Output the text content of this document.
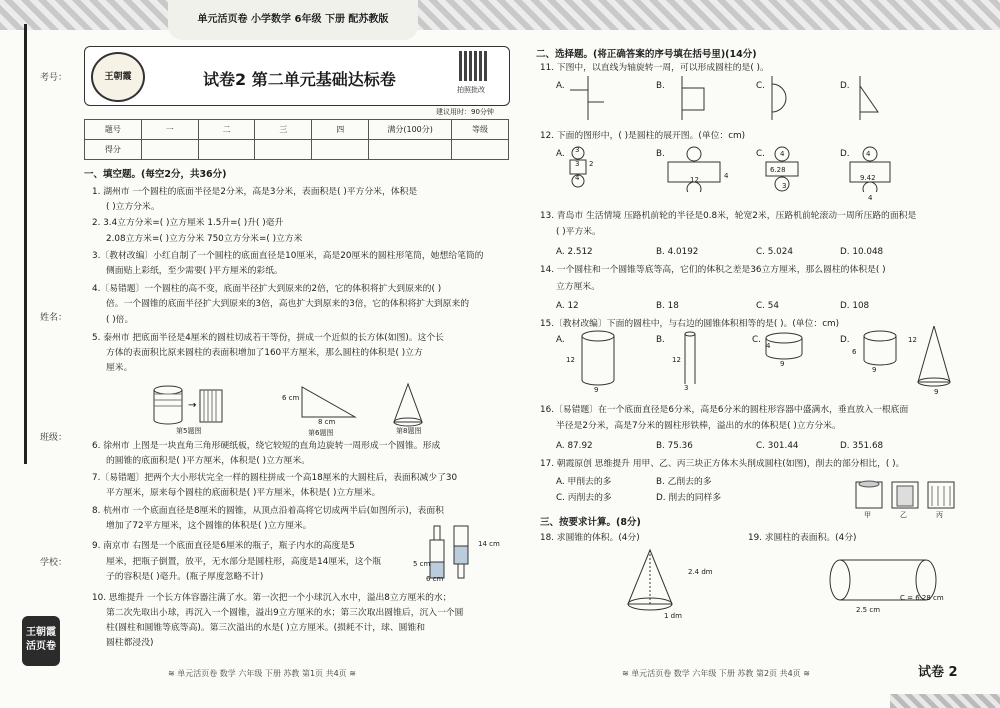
单元活页卷 小学数学 6年级 下册 配苏教版
考号：
姓名：
班级：
学校：
王朝霞
活页卷
王朝霞	试卷2 第二单元基础达标卷
拍照批改
建议用时：90分钟
题号	一	二	三	四	满分(100分)	等级
得分						
一、填空题。(每空2分，共36分)
1. 湖州市 一个圆柱的底面半径是2分米，高是3分米，表面积是( )平方分米，体积是
( )立方分米。
2. 3.4立方分米=( )立方厘米 1.5升=( )升( )毫升
2.08立方米=( )立方分米 750立方分米=( )立方米
3.〔教材改编〕小红自制了一个圆柱的底面直径是10厘米，高是20厘米的圆柱形笔筒，她想给笔筒的
侧面贴上彩纸，至少需要( )平方厘米的彩纸。
4.〔易错题〕一个圆柱的高不变，底面半径扩大到原来的2倍，它的体积将扩大到原来的( )
倍。一个圆锥的底面半径扩大到原来的3倍，高也扩大到原来的3倍，它的体积将扩大到原来的
( )倍。
5. 泰州市 把底面半径是4厘米的圆柱切成若干等份，拼成一个近似的长方体(如图)。这个长
方体的表面积比原来圆柱的表面积增加了160平方厘米，那么圆柱的体积是( )立方
厘米。
6. 徐州市 上图是一块直角三角形硬纸板，绕它较短的直角边旋转一周形成一个圆锥。形成
的圆锥的底面积是( )平方厘米，体积是( )立方厘米。
7.〔易错题〕把两个大小形状完全一样的圆柱拼成一个高18厘米的大圆柱后，表面积减少了30
平方厘米，原来每个圆柱的底面积是( )平方厘米，体积是( )立方厘米。
8. 杭州市 一个底面直径是8厘米的圆锥，从顶点沿着高将它切成两半后(如图所示)，表面积
增加了72平方厘米，这个圆锥的体积是( )立方厘米。
9. 南京市 右图是一个底面直径是6厘米的瓶子，瓶子内水的高度是5
厘米，把瓶子倒置，放平，无水部分是圆柱形，高度是14厘米，这个瓶
子的容积是( )毫升。(瓶子厚度忽略不计)
10. 思维提升 一个长方体容器注满了水。第一次把一个小球沉入水中，溢出8立方厘米的水；
第二次先取出小球，再沉入一个圆锥，溢出9立方厘米的水；第三次取出圆锥后，沉入一个圆
柱(圆柱和圆锥等底等高)。第三次溢出的水是( )立方厘米。(损耗不计，球、圆锥和
圆柱都浸没)
→
第5题图
6 cm
8 cm
第6题图	第8题图
14 cm
5 cm
6 cm
≋ 单元活页卷 数学 六年级 下册 苏教 第1页 共4页 ≋
二、选择题。(将正确答案的序号填在括号里)(14分)
11. 下图中，以直线为轴旋转一周，可以形成圆柱的是( )。
12. 下面的图形中，( )是圆柱的展开图。(单位：cm)
13. 青岛市 生活情境 压路机前轮的半径是0.8米，轮宽2米，压路机前轮滚动一周所压路的面积是
( )平方米。
14. 一个圆柱和一个圆锥等底等高，它们的体积之差是36立方厘米，那么圆柱的体积是( )
立方厘米。
15.〔教材改编〕下面的圆柱中，与右边的圆锥体积相等的是( )。(单位：cm)
16.〔易错题〕在一个底面直径是6分米，高是6分米的圆柱形容器中盛满水，垂直放入一根底面
半径是2分米，高是7分米的圆柱形铁棒，溢出的水的体积是( )立方分米。
17. 朝霞原创 思维提升 用甲、乙、丙三块正方体木头削成圆柱(如图)，削去的部分相比，( )。
A. 2.512	B. 4.0192	C. 5.024	D. 10.048
A. 12	B. 18	C. 54	D. 108
A. 87.92	B. 75.36	C. 301.44	D. 351.68
A. 甲削去的多	B. 乙削去的多
C. 丙削去的多	D. 削去的同样多
A.	B.	C.	D.
A.	B.	C.	D.
3
3 2
4	12	4
4
6.28
3
4
9.42
4
A.	B.	C.	D.
12
9
12
3
4
9
6
9
12
9
甲	乙	丙
三、按要求计算。(8分)
18. 求圆锥的体积。(4分)	19. 求圆柱的表面积。(4分)
2.4 dm
1 dm
2.5 cm
C = 6.28 cm
≋ 单元活页卷 数学 六年级 下册 苏教 第2页 共4页 ≋	试卷 2
